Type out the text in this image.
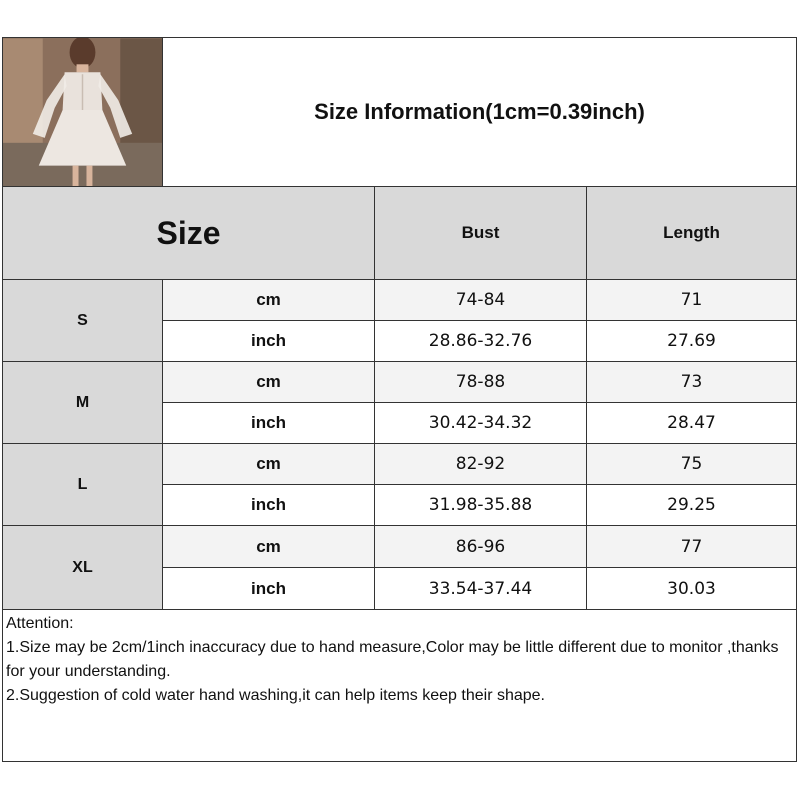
Size Information(1cm=0.39inch)
Size	Bust	Length
S
cm	74-84	71
inch	28.86-32.76	27.69
M
cm	78-88	73
inch	30.42-34.32	28.47
L
cm	82-92	75
inch	31.98-35.88	29.25
XL
cm	86-96	77
inch	33.54-37.44	30.03
Attention:
1.Size may be 2cm/1inch inaccuracy due to hand measure,Color may be little different due to monitor ,thanks for your understanding.
2.Suggestion of cold water hand washing,it can help items keep their shape.
